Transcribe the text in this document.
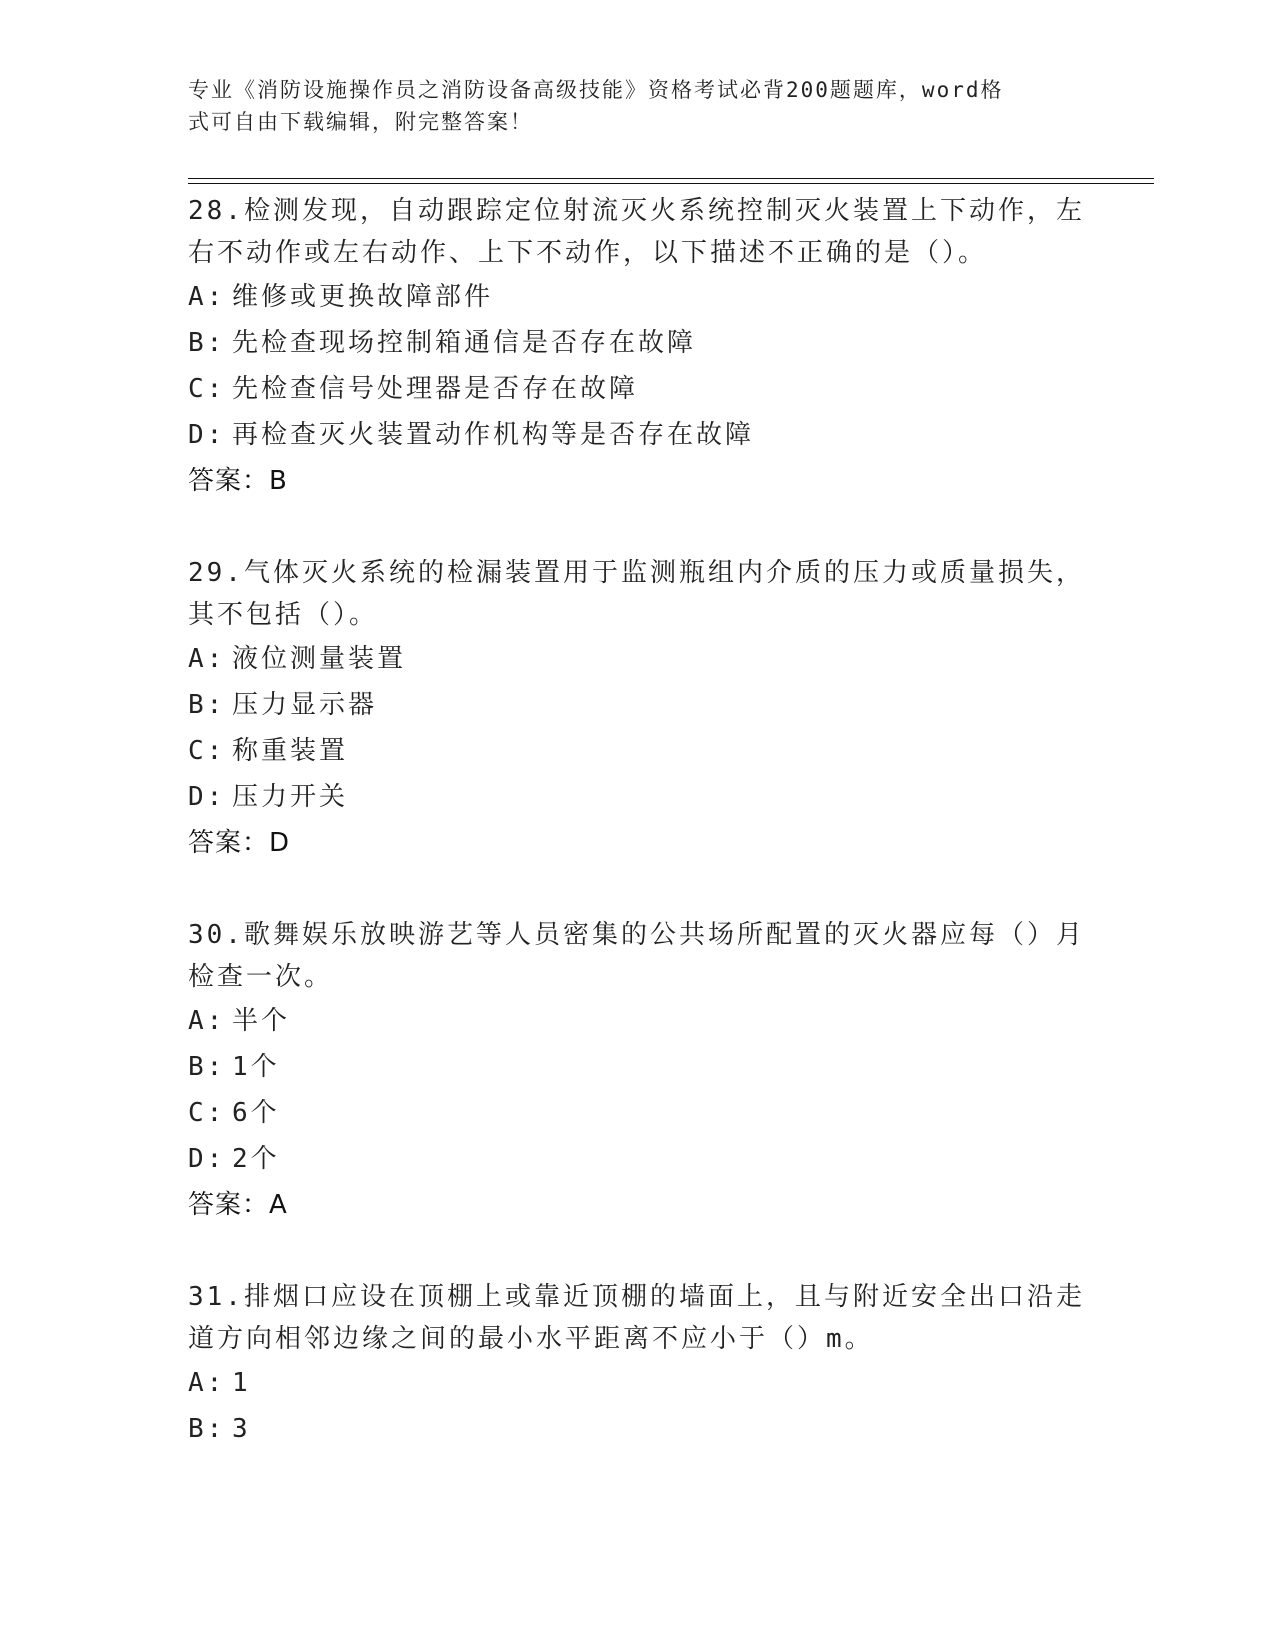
专业《消防设施操作员之消防设备高级技能》资格考试必背200题题库，word格
式可自由下载编辑，附完整答案！
28.检测发现，自动跟踪定位射流灭火系统控制灭火装置上下动作，左
右不动作或左右动作、上下不动作，以下描述不正确的是（）。
A: 维修或更换故障部件
B: 先检查现场控制箱通信是否存在故障
C: 先检查信号处理器是否存在故障
D: 再检查灭火装置动作机构等是否存在故障
答案：B
29.气体灭火系统的检漏装置用于监测瓶组内介质的压力或质量损失，
其不包括（）。
A: 液位测量装置
B: 压力显示器
C: 称重装置
D: 压力开关
答案：D
30.歌舞娱乐放映游艺等人员密集的公共场所配置的灭火器应每（）月
检查一次。
A: 半个
B: 1个
C: 6个
D: 2个
答案：A
31.排烟口应设在顶棚上或靠近顶棚的墙面上，且与附近安全出口沿走
道方向相邻边缘之间的最小水平距离不应小于（）m。
A: 1
B: 3
